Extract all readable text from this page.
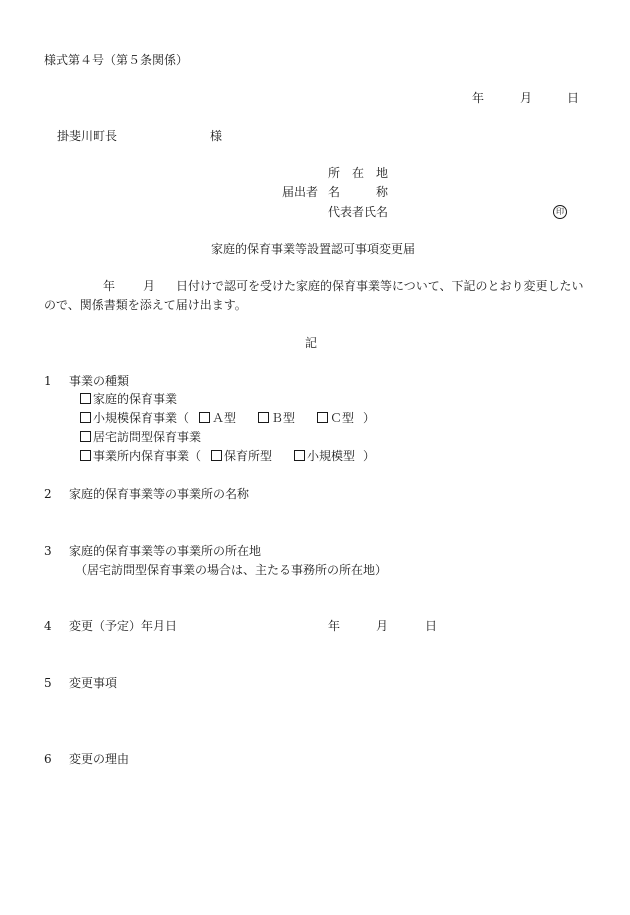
様式第４号（第５条関係）
年	月	日
掛斐川町長	様
所　在　地
届出者 名　　　称
代表者氏名	印
家庭的保育事業等設置認可事項変更届
年 月 日付けで認可を受けた家庭的保育事業等について、下記のとおり変更したい
ので、関係書類を添えて届け出ます。
記
1 事業の種類
家庭的保育事業
小規模保育事業（	Ａ型	Ｂ型	Ｃ型 ）
居宅訪問型保育事業
事業所内保育事業（	保育所型	小規模型 ）
2 家庭的保育事業等の事業所の名称
3 家庭的保育事業等の事業所の所在地
（居宅訪問型保育事業の場合は、主たる事務所の所在地）
4 変更（予定）年月日	年	月	日
5 変更事項
6 変更の理由
